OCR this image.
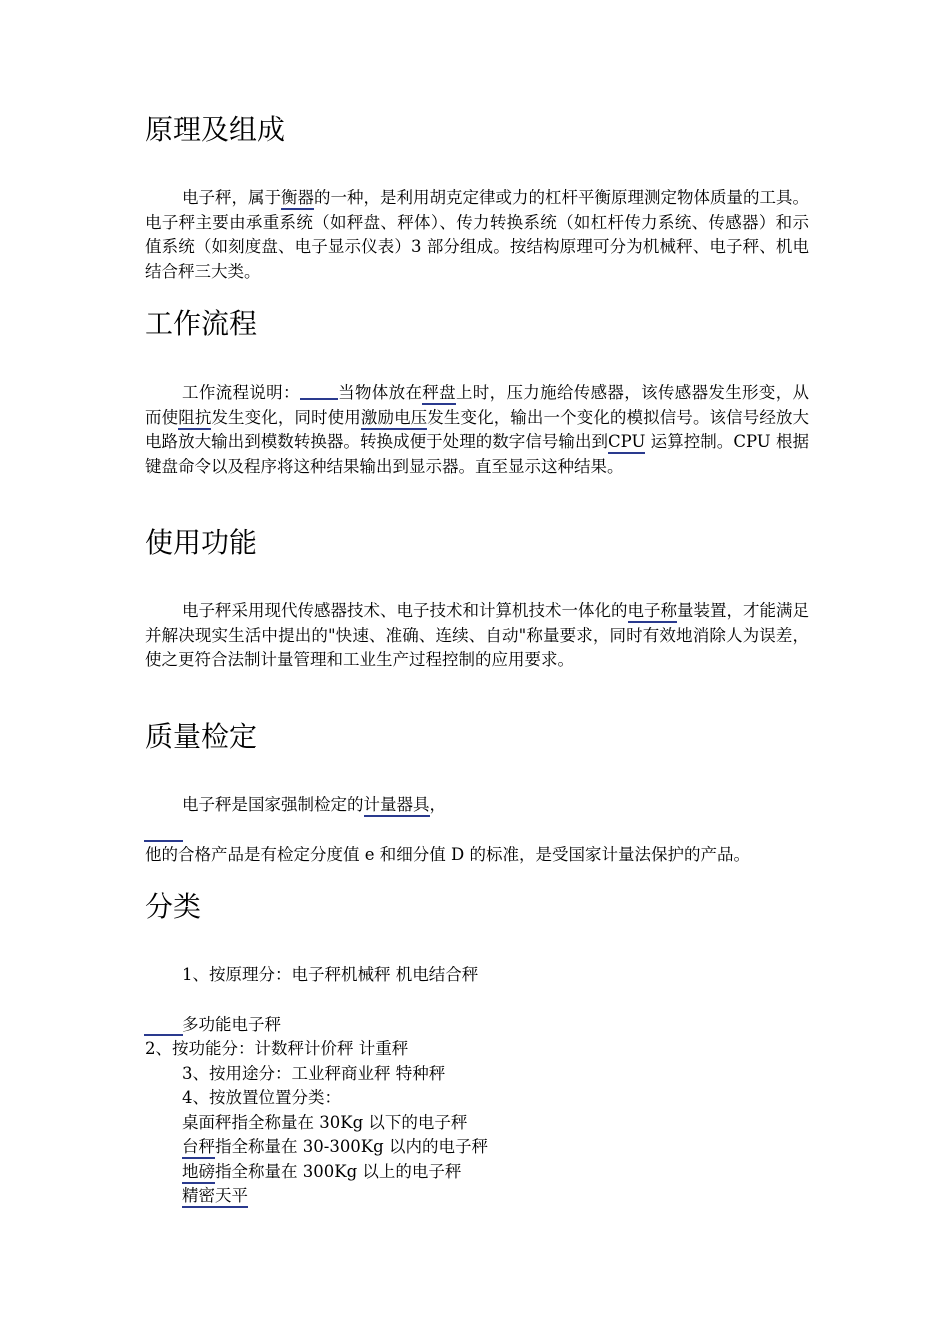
原理及组成

电子秤，属于衡器的一种，是利用胡克定律或力的杠杆平衡原理测定物体质量的工具。电子秤主要由承重系统（如秤盘、秤体）、传力转换系统（如杠杆传力系统、传感器）和示值系统（如刻度盘、电子显示仪表）3 部分组成。按结构原理可分为机械秤、电子秤、机电结合秤三大类。

工作流程

工作流程说明： 当物体放在秤盘上时，压力施给传感器，该传感器发生形变，从而使阻抗发生变化，同时使用激励电压发生变化，输出一个变化的模拟信号。该信号经放大电路放大输出到模数转换器。转换成便于处理的数字信号输出到CPU 运算控制。CPU 根据键盘命令以及程序将这种结果输出到显示器。直至显示这种结果。

使用功能

电子秤采用现代传感器技术、电子技术和计算机技术一体化的电子称量装置，才能满足并解决现实生活中提出的"快速、准确、连续、自动"称量要求，同时有效地消除人为误差，使之更符合法制计量管理和工业生产过程控制的应用要求。

质量检定

电子秤是国家强制检定的计量器具，

他的合格产品是有检定分度值 e 和细分值 D 的标准，是受国家计量法保护的产品。

分类

1、按原理分：电子秤机械秤 机电结合秤

多功能电子秤

2、按功能分：计数秤计价秤 计重秤

3、按用途分：工业秤商业秤 特种秤

4、按放置位置分类：

桌面秤指全称量在 30Kg 以下的电子秤

台秤指全称量在 30-300Kg 以内的电子秤

地磅指全称量在 300Kg 以上的电子秤

精密天平
